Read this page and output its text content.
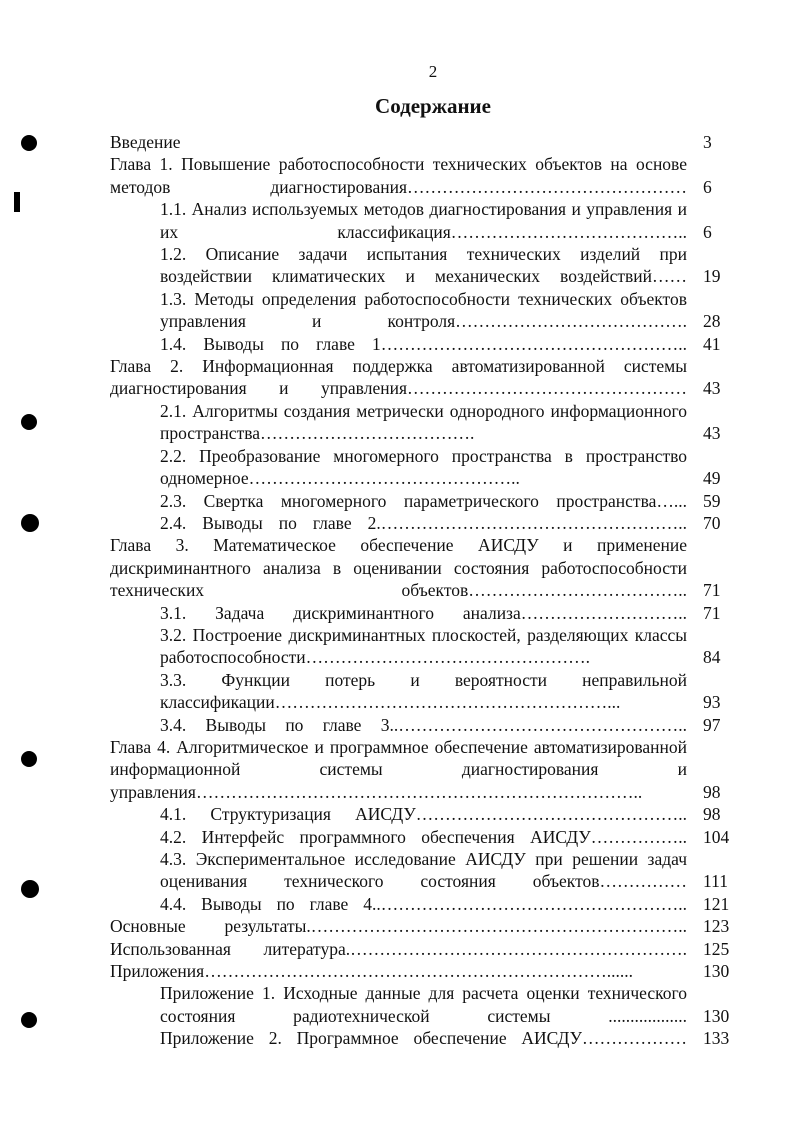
2
Содержание
Введение	3
Глава 1. Повышение работоспособности технических объектов на основе методов диагностирования………………………………………… 6
1.1. Анализ используемых методов диагностирования и управления и их классификация………………………………….. 6
1.2. Описание задачи испытания технических изделий при воздействии климатических и механических воздействий…… 19
1.3. Методы определения работоспособности технических объектов управления и контроля…………………………………. 28
1.4. Выводы по главе 1…………………………………………….. 41
Глава 2. Информационная поддержка автоматизированной системы диагностирования и управления………………………………………… 43
2.1. Алгоритмы создания метрически однородного информационного пространства……………………………….	43
2.2. Преобразование многомерного пространства в пространство одномерное………………………………………..	49
2.3. Свертка многомерного параметрического пространства…... 59
2.4. Выводы по главе 2.…………………………………………….. 70
Глава 3. Математическое обеспечение АИСДУ и применение дискриминантного анализа в оценивании состояния работоспособности технических объектов……………………………….. 71
3.1. Задача дискриминантного анализа……………………….. 71
3.2. Построение дискриминантных плоскостей, разделяющих классы работоспособности………………………………………….	84
3.3. Функции потерь и вероятности неправильной классификации…………………………………………………...	93
3.4. Выводы по главе 3..………………………………………….. 97
Глава 4. Алгоритмическое и программное обеспечение автоматизированной информационной системы диагностирования и управления…………………………………………………………………..	98
4.1. Структуризация АИСДУ……………………………………….. 98
4.2. Интерфейс программного обеспечения АИСДУ…………….. 104
4.3. Экспериментальное исследование АИСДУ при решении задач оценивания технического состояния объектов…………… 111
4.4. Выводы по главе 4..…………………………………………….. 121
Основные результаты.……………………………………………………….. 123
Использованная литература.…………………………………………………. 125
Приложения……………………………………………………………......	130
Приложение 1. Исходные данные для расчета оценки технического состояния радиотехнической системы .................. 130
Приложение 2. Программное обеспечение АИСДУ……………… 133
